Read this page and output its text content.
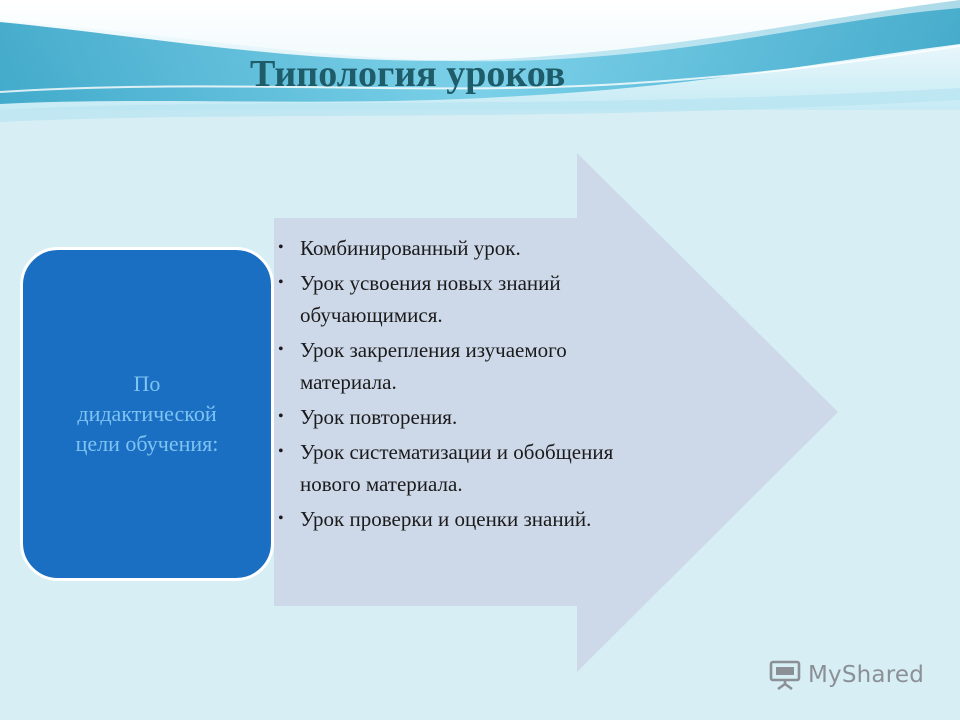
Типология уроков
По
дидактической
цели обучения:
• Комбинированный урок.
• Урок усвоения новых знаний обучающимися.
• Урок закрепления изучаемого материала.
• Урок повторения.
• Урок систематизации и обобщения нового материала.
• Урок проверки и оценки знаний.
MyShared
